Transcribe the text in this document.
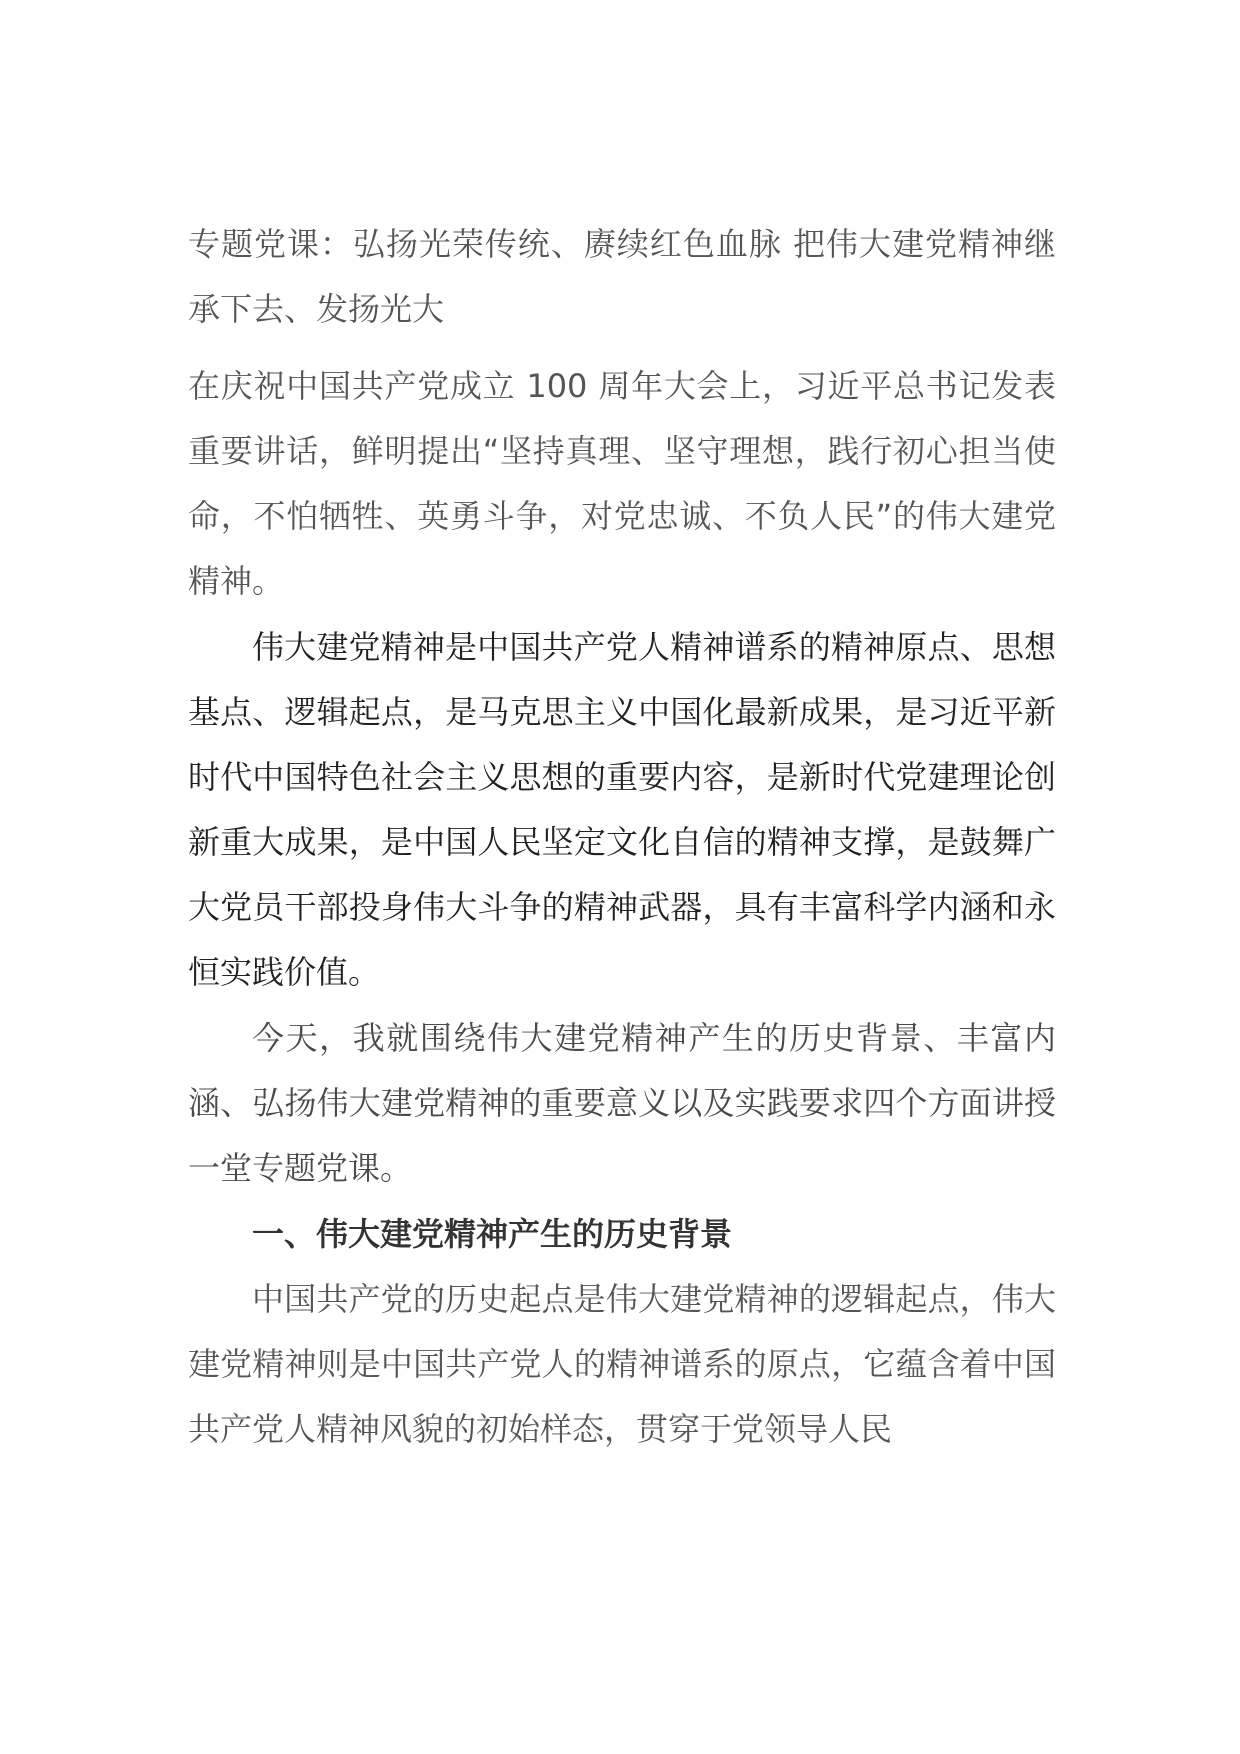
专题党课：弘扬光荣传统、赓续红色血脉 把伟大建党精神继承下去、发扬光大

在庆祝中国共产党成立 100 周年大会上，习近平总书记发表重要讲话，鲜明提出“坚持真理、坚守理想，践行初心担当使命，不怕牺牲、英勇斗争，对党忠诚、不负人民”的伟大建党精神。

伟大建党精神是中国共产党人精神谱系的精神原点、思想基点、逻辑起点，是马克思主义中国化最新成果，是习近平新时代中国特色社会主义思想的重要内容，是新时代党建理论创新重大成果，是中国人民坚定文化自信的精神支撑，是鼓舞广大党员干部投身伟大斗争的精神武器，具有丰富科学内涵和永恒实践价值。

今天，我就围绕伟大建党精神产生的历史背景、丰富内涵、弘扬伟大建党精神的重要意义以及实践要求四个方面讲授一堂专题党课。

一、伟大建党精神产生的历史背景

中国共产党的历史起点是伟大建党精神的逻辑起点，伟大建党精神则是中国共产党人的精神谱系的原点，它蕴含着中国共产党人精神风貌的初始样态，贯穿于党领导人民
